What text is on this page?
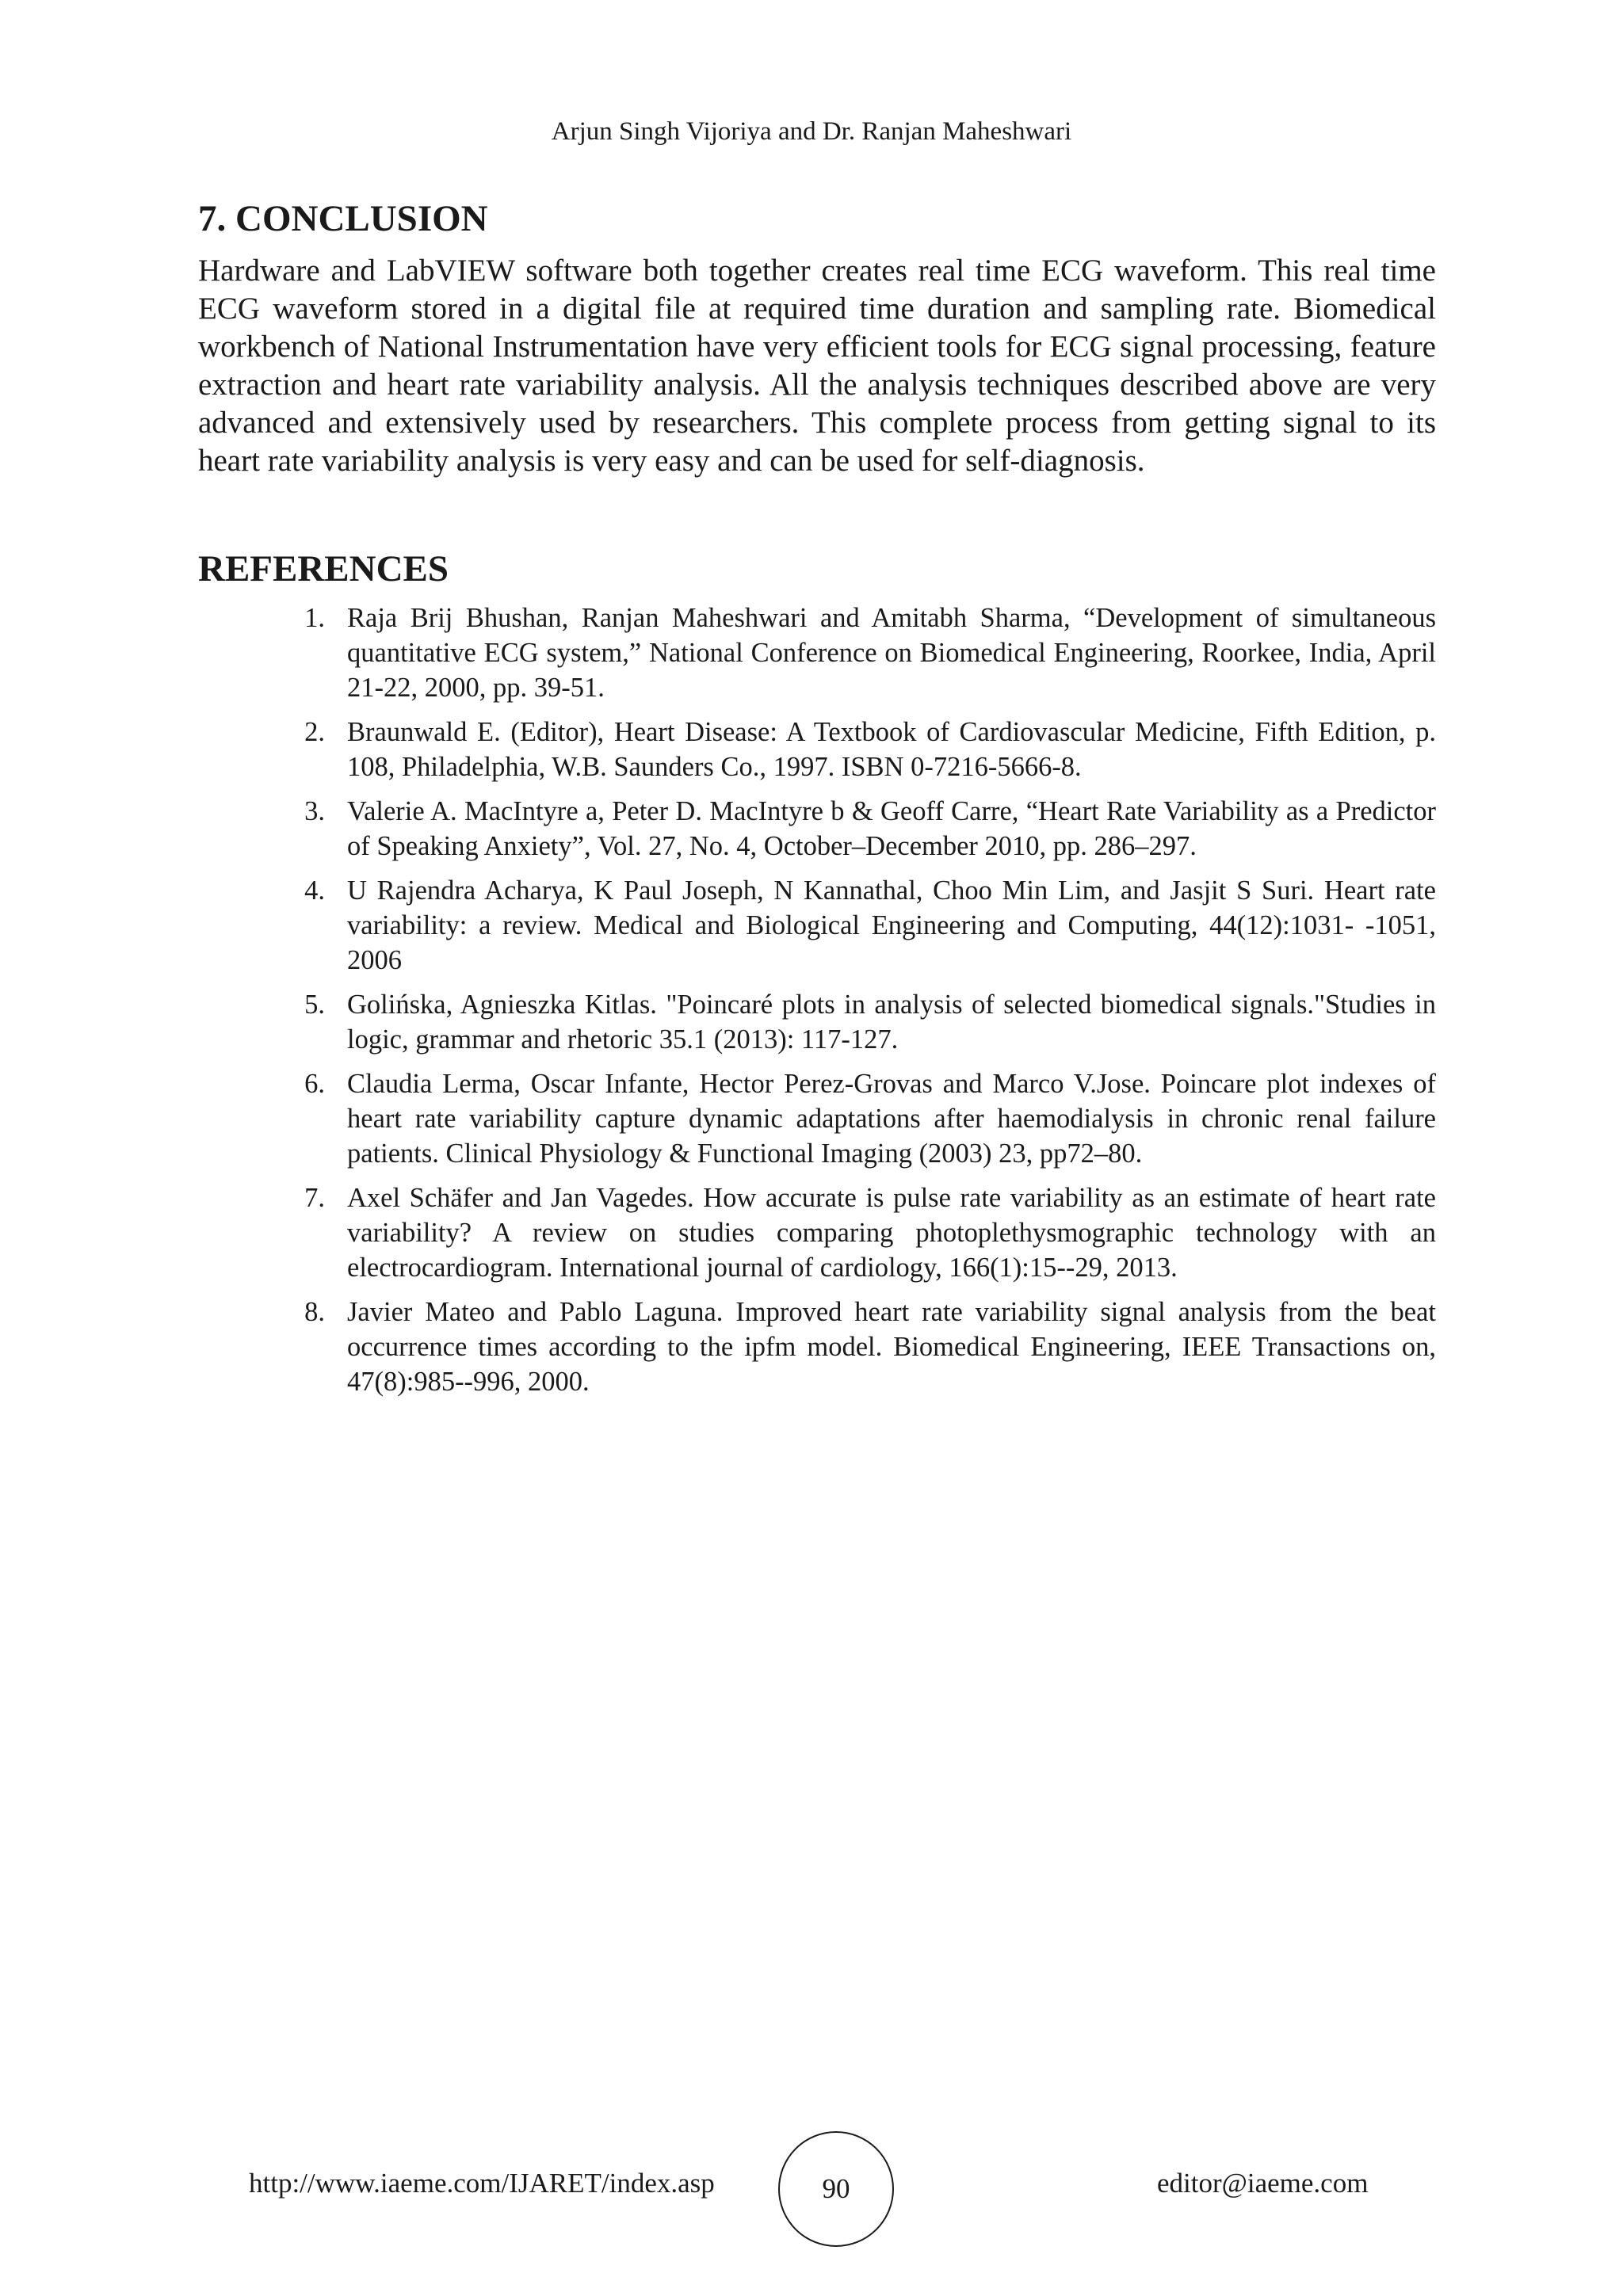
Arjun Singh Vijoriya and Dr. Ranjan Maheshwari
7. CONCLUSION

Hardware and LabVIEW software both together creates real time ECG waveform. This real time ECG waveform stored in a digital file at required time duration and sampling rate. Biomedical workbench of National Instrumentation have very efficient tools for ECG signal processing, feature extraction and heart rate variability analysis. All the analysis techniques described above are very advanced and extensively used by researchers. This complete process from getting signal to its heart rate variability analysis is very easy and can be used for self-diagnosis.

REFERENCES
1. Raja Brij Bhushan, Ranjan Maheshwari and Amitabh Sharma, “Development of simultaneous quantitative ECG system,” National Conference on Biomedical Engineering, Roorkee, India, April 21-22, 2000, pp. 39-51.
2. Braunwald E. (Editor), Heart Disease: A Textbook of Cardiovascular Medicine, Fifth Edition, p. 108, Philadelphia, W.B. Saunders Co., 1997. ISBN 0-7216-5666-8.
3. Valerie A. MacIntyre a, Peter D. MacIntyre b & Geoff Carre, “Heart Rate Variability as a Predictor of Speaking Anxiety”, Vol. 27, No. 4, October–December 2010, pp. 286–297.
4. U Rajendra Acharya, K Paul Joseph, N Kannathal, Choo Min Lim, and Jasjit S Suri. Heart rate variability: a review. Medical and Biological Engineering and Computing, 44(12):1031- -1051, 2006
5. Golińska, Agnieszka Kitlas. "Poincaré plots in analysis of selected biomedical signals."Studies in logic, grammar and rhetoric 35.1 (2013): 117-127.
6. Claudia Lerma, Oscar Infante, Hector Perez-Grovas and Marco V.Jose. Poincare plot indexes of heart rate variability capture dynamic adaptations after haemodialysis in chronic renal failure patients. Clinical Physiology & Functional Imaging (2003) 23, pp72–80.
7. Axel Schäfer and Jan Vagedes. How accurate is pulse rate variability as an estimate of heart rate variability? A review on studies comparing photoplethysmographic technology with an electrocardiogram. International journal of cardiology, 166(1):15--29, 2013.
8. Javier Mateo and Pablo Laguna. Improved heart rate variability signal analysis from the beat occurrence times according to the ipfm model. Biomedical Engineering, IEEE Transactions on, 47(8):985--996, 2000.
http://www.iaeme.com/IJARET/index.asp	90	editor@iaeme.com
